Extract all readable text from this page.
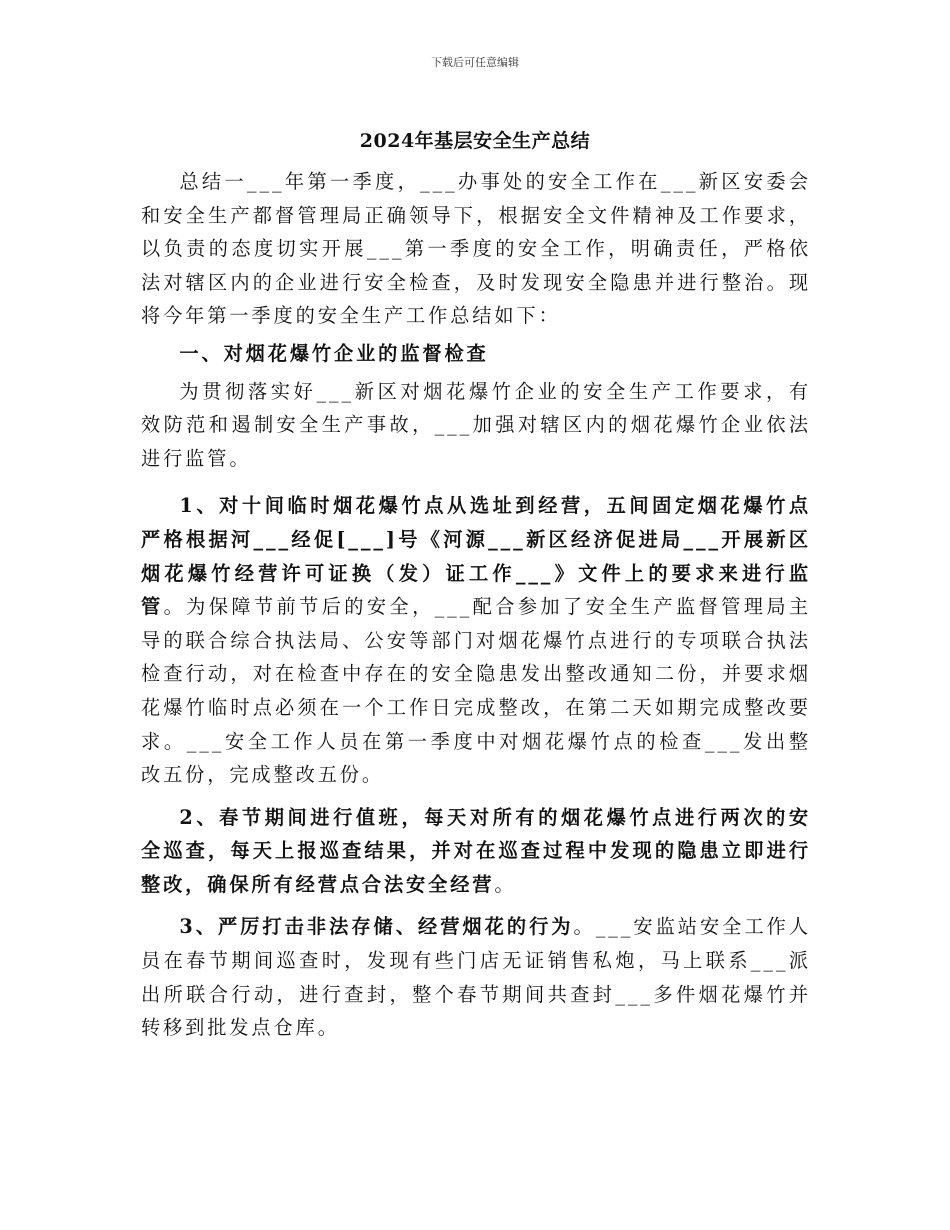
下载后可任意编辑
2024年基层安全生产总结

总结一___年第一季度，___办事处的安全工作在___新区安委会和安全生产都督管理局正确领导下，根据安全文件精神及工作要求，以负责的态度切实开展___第一季度的安全工作，明确责任，严格依法对辖区内的企业进行安全检查，及时发现安全隐患并进行整治。现将今年第一季度的安全生产工作总结如下：

一、对烟花爆竹企业的监督检查

为贯彻落实好___新区对烟花爆竹企业的安全生产工作要求，有效防范和遏制安全生产事故，___加强对辖区内的烟花爆竹企业依法进行监管。

1、对十间临时烟花爆竹点从选址到经营，五间固定烟花爆竹点严格根据河___经促[___]号《河源___新区经济促进局___开展新区烟花爆竹经营许可证换（发）证工作___》文件上的要求来进行监管。为保障节前节后的安全，___配合参加了安全生产监督管理局主导的联合综合执法局、公安等部门对烟花爆竹点进行的专项联合执法检查行动，对在检查中存在的安全隐患发出整改通知二份，并要求烟花爆竹临时点必须在一个工作日完成整改，在第二天如期完成整改要求。___安全工作人员在第一季度中对烟花爆竹点的检查___发出整改五份，完成整改五份。

2、春节期间进行值班，每天对所有的烟花爆竹点进行两次的安全巡查，每天上报巡查结果，并对在巡查过程中发现的隐患立即进行整改，确保所有经营点合法安全经营。

3、严厉打击非法存储、经营烟花的行为。___安监站安全工作人员在春节期间巡查时，发现有些门店无证销售私炮，马上联系___派出所联合行动，进行查封，整个春节期间共查封___多件烟花爆竹并转移到批发点仓库。
